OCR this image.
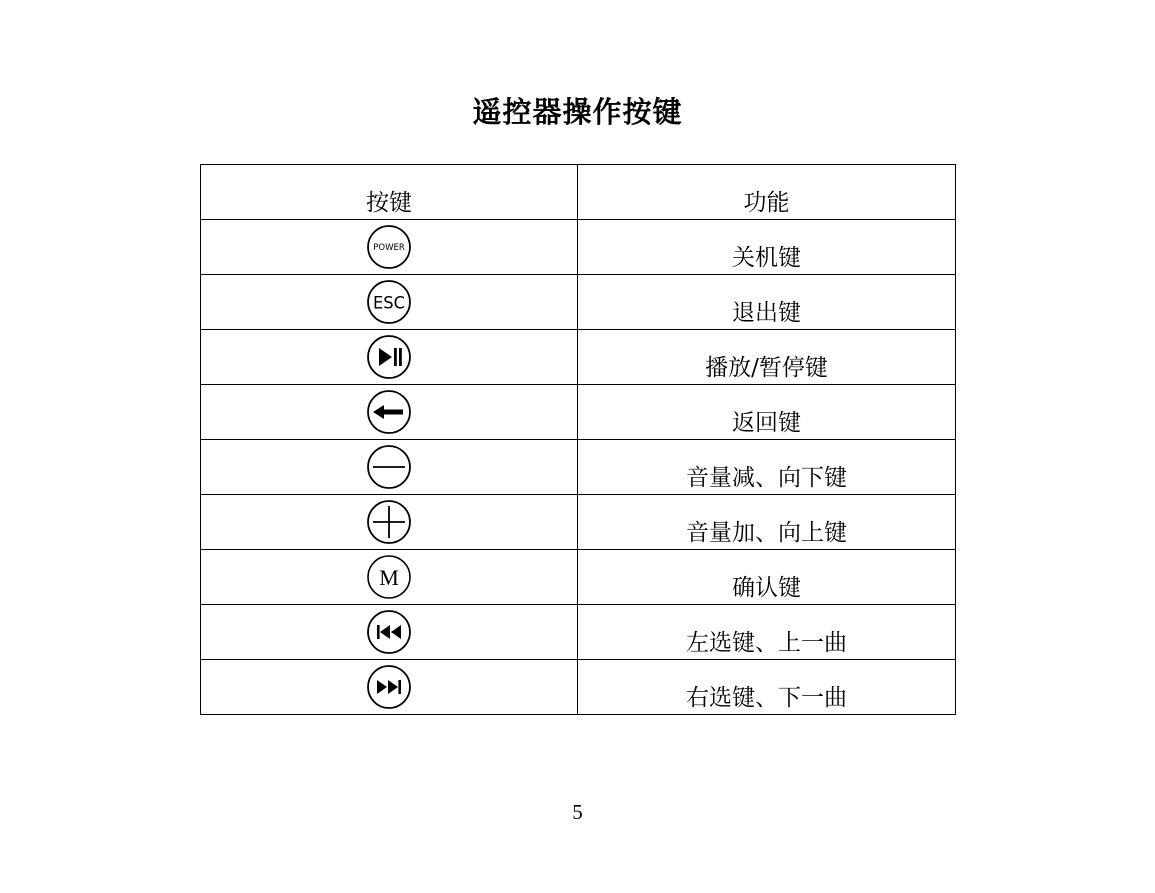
遥控器操作按键
按键	功能

POWER	关机键

ESC	退出键
	播放/暂停键
	返回键
	音量减、向下键
	音量加、向上键

M	确认键
	左选键、上一曲
	右选键、下一曲
5
